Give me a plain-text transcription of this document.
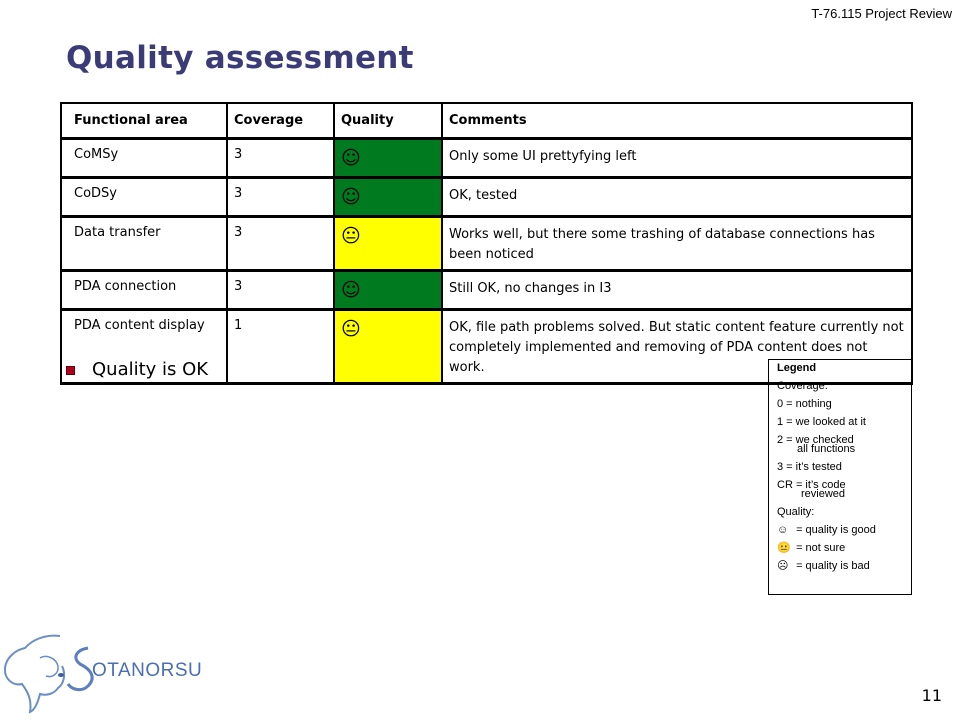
T-76.115 Project Review
Quality assessment
Functional area	Coverage	Quality	Comments
CoMSy	3	☺	Only some UI prettyfying left
CoDSy	3	☺	OK, tested
Data transfer	3	😐	Works well, but there some trashing of database connections has been noticed
PDA connection	3	☺	Still OK, no changes in I3
PDA content display	1	😐	OK, file path problems solved. But static content feature currently not completely implemented and removing of PDA content does not work.
Quality is OK	Legend
Coverage:
0 = nothing
1 = we looked at it
2 = we checked
all functions
3 = it’s tested
CR = it’s code
reviewed
Quality:
☺ = quality is good
😐 = not sure
☹ = quality is bad
OTANORSU
11
